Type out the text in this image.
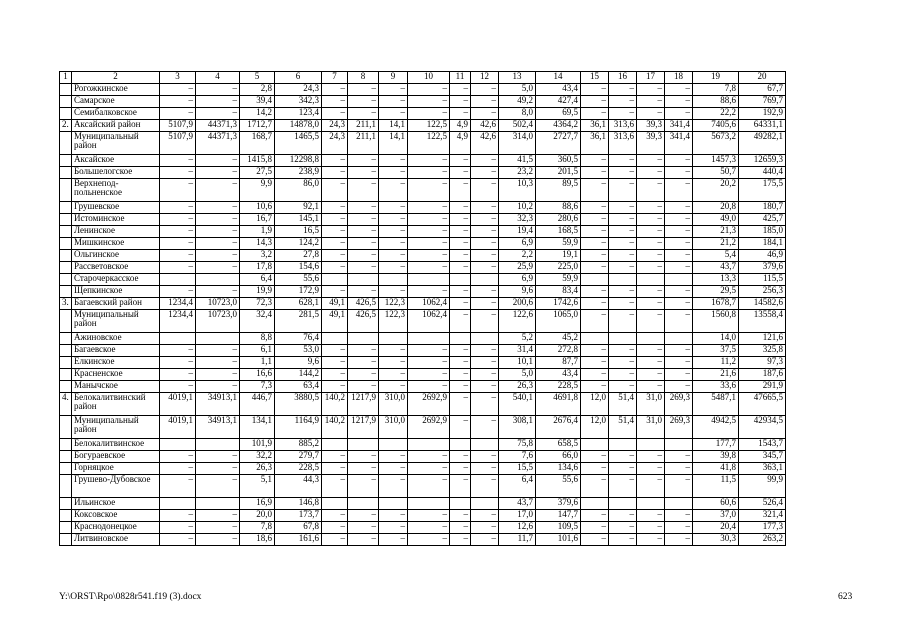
1	2	3	4	5	6	7	8	9	10	11	12	13	14	15	16	17	18	19	20
	Рогожкинское	–	–	2,8	24,3	–	–	–	–	–	–	5,0	43,4	–	–	–	–	7,8	67,7
	Самарское	–	–	39,4	342,3	–	–	–	–	–	–	49,2	427,4	–	–	–	–	88,6	769,7
	Семибалковское	–	–	14,2	123,4	–	–	–	–	–	–	8,0	69,5	–	–	–	–	22,2	192,9
2.	Аксайский район	5107,9	44371,3	1712,7	14878,0	24,3	211,1	14,1	122,5	4,9	42,6	502,4	4364,2	36,1	313,6	39,3	341,4	7405,6	64331,1
	Муниципальный район	5107,9	44371,3	168,7	1465,5	24,3	211,1	14,1	122,5	4,9	42,6	314,0	2727,7	36,1	313,6	39,3	341,4	5673,2	49282,1
	Аксайское	–	–	1415,8	12298,8	–	–	–	–	–	–	41,5	360,5	–	–	–	–	1457,3	12659,3
	Большелогское	–	–	27,5	238,9	–	–	–	–	–	–	23,2	201,5	–	–	–	–	50,7	440,4
	Верхнепод-польненское	–	–	9,9	86,0	–	–	–	–	–	–	10,3	89,5	–	–	–	–	20,2	175,5
	Грушевское	–	–	10,6	92,1	–	–	–	–	–	–	10,2	88,6	–	–	–	–	20,8	180,7
	Истоминское	–	–	16,7	145,1	–	–	–	–	–	–	32,3	280,6	–	–	–	–	49,0	425,7
	Ленинское	–	–	1,9	16,5	–	–	–	–	–	–	19,4	168,5	–	–	–	–	21,3	185,0
	Мишкинское	–	–	14,3	124,2	–	–	–	–	–	–	6,9	59,9	–	–	–	–	21,2	184,1
	Ольгинское	–	–	3,2	27,8	–	–	–	–	–	–	2,2	19,1	–	–	–	–	5,4	46,9
	Рассветовское	–	–	17,8	154,6	–	–	–	–	–	–	25,9	225,0	–	–	–	–	43,7	379,6
	Старочеркасское			6,4	55,6							6,9	59,9					13,3	115,5
	Щепкинское	–	–	19,9	172,9	–	–	–	–	–	–	9,6	83,4	–	–	–	–	29,5	256,3
3.	Багаевский район	1234,4	10723,0	72,3	628,1	49,1	426,5	122,3	1062,4	–	–	200,6	1742,6	–	–	–	–	1678,7	14582,6
	Муниципальный район	1234,4	10723,0	32,4	281,5	49,1	426,5	122,3	1062,4	–	–	122,6	1065,0	–	–	–	–	1560,8	13558,4
	Ажиновское			8,8	76,4							5,2	45,2					14,0	121,6
	Багаевское	–	–	6,1	53,0	–	–	–	–	–	–	31,4	272,8	–	–	–	–	37,5	325,8
	Елкинское	–	–	1,1	9,6	–	–	–	–	–	–	10,1	87,7	–	–	–	–	11,2	97,3
	Красненское	–	–	16,6	144,2	–	–	–	–	–	–	5,0	43,4	–	–	–	–	21,6	187,6
	Манычское	–	–	7,3	63,4	–	–	–	–	–	–	26,3	228,5	–	–	–	–	33,6	291,9
4.	Белокалитвинский район	4019,1	34913,1	446,7	3880,5	140,2	1217,9	310,0	2692,9	–	–	540,1	4691,8	12,0	51,4	31,0	269,3	5487,1	47665,5
	Муниципальный район	4019,1	34913,1	134,1	1164,9	140,2	1217,9	310,0	2692,9	–	–	308,1	2676,4	12,0	51,4	31,0	269,3	4942,5	42934,5
	Белокалитвинское			101,9	885,2							75,8	658,5					177,7	1543,7
	Богураевское	–	–	32,2	279,7	–	–	–	–	–	–	7,6	66,0	–	–	–	–	39,8	345,7
	Горняцкое	–	–	26,3	228,5	–	–	–	–	–	–	15,5	134,6	–	–	–	–	41,8	363,1
	Грушево-Дубовское	–	–	5,1	44,3	–	–	–	–	–	–	6,4	55,6	–	–	–	–	11,5	99,9
	Ильинское			16,9	146,8							43,7	379,6					60,6	526,4
	Коксовское	–	–	20,0	173,7	–	–	–	–	–	–	17,0	147,7	–	–	–	–	37,0	321,4
	Краснодонецкое	–	–	7,8	67,8	–	–	–	–	–	–	12,6	109,5	–	–	–	–	20,4	177,3
	Литвиновское	–	–	18,6	161,6	–	–	–	–	–	–	11,7	101,6	–	–	–	–	30,3	263,2
Y:\ORST\Rpo\0828r541.f19 (3).docx	623
